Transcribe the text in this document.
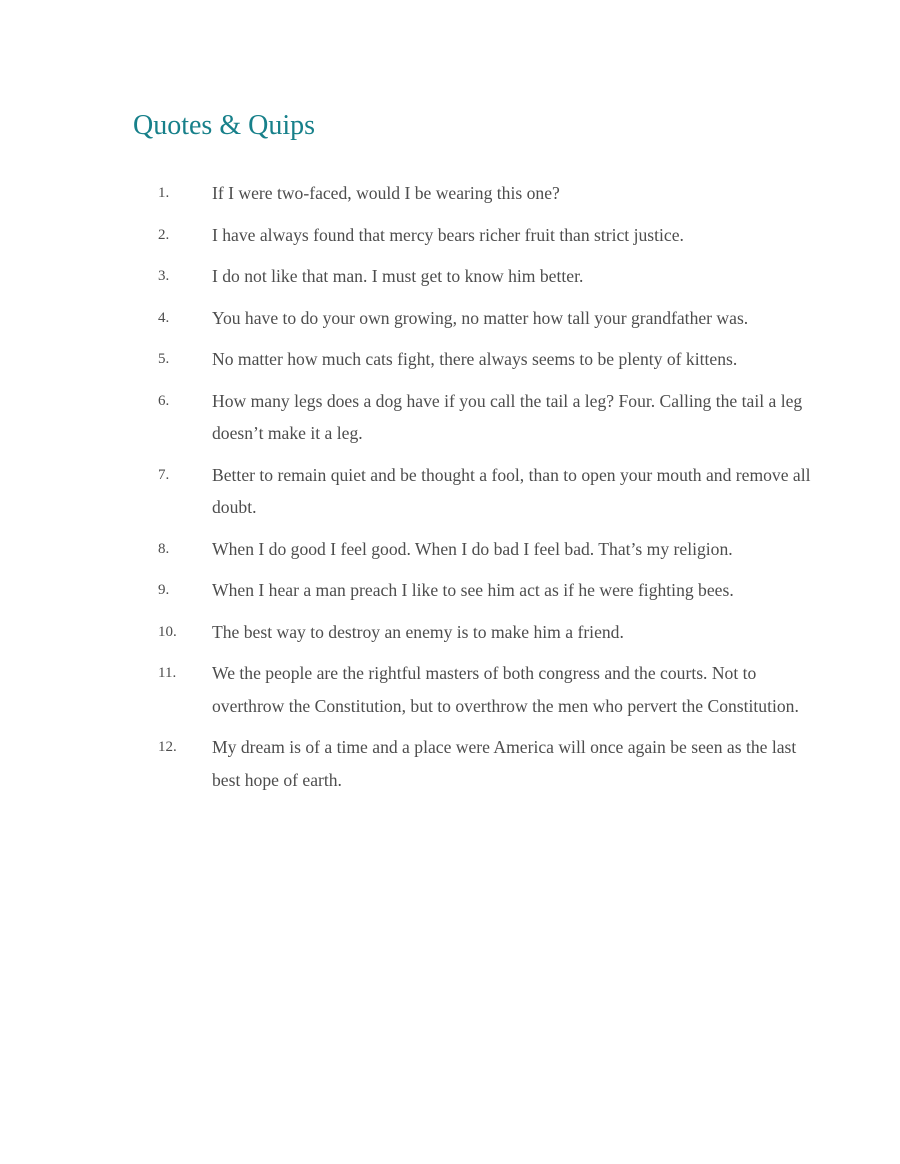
Quotes & Quips
1. If I were two-faced, would I be wearing this one?
2. I have always found that mercy bears richer fruit than strict justice.
3. I do not like that man. I must get to know him better.
4. You have to do your own growing, no matter how tall your grandfather was.
5. No matter how much cats fight, there always seems to be plenty of kittens.
6. How many legs does a dog have if you call the tail a leg? Four. Calling the tail a leg doesn’t make it a leg.
7. Better to remain quiet and be thought a fool, than to open your mouth and remove all doubt.
8. When I do good I feel good. When I do bad I feel bad. That’s my religion.
9. When I hear a man preach I like to see him act as if he were fighting bees.
10. The best way to destroy an enemy is to make him a friend.
11. We the people are the rightful masters of both congress and the courts. Not to overthrow the Constitution, but to overthrow the men who pervert the Constitution.
12. My dream is of a time and a place were America will once again be seen as the last best hope of earth.
